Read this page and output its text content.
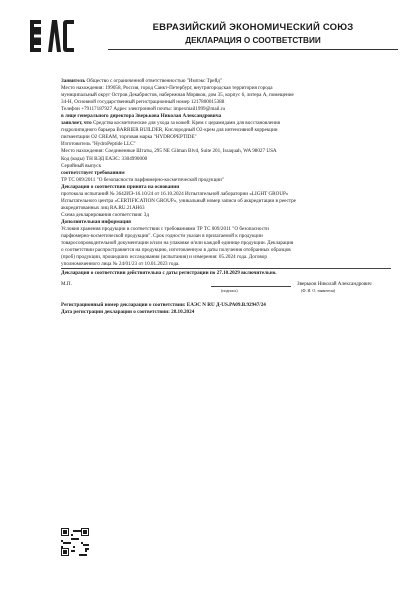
ЕВРАЗИЙСКИЙ ЭКОНОМИЧЕСКИЙ СОЮЗ
ДЕКЛАРАЦИЯ О СООТВЕТСТВИИ
Заявитель Общество с ограниченной ответственностью "Импэкс Трейд"
Место нахождения: 199058, Россия, город Санкт-Петербург, внутригородская территория города
муниципальный округ Остров Декабристов, набережная Моряков, дом 35, корпус 6, литера А, помещение
34-Н, Основной государственный регистрационный номер 1217800015388
Телефон +79117187927 Адрес электронной почты: impexmail1999@mail.ru
в лице генерального директора Зверькова Николая Александровича
заявляет, что Средства косметические для ухода за кожей: Крем с церамидами для восстановления
гидролипидного барьера BARRIER BUILDER, Кислородный О2-крем для интенсивной коррекции
пигментации O2 CREAM, торговая марка "HYDROPEPTIDE"
Изготовитель "HydroPeptide LLC"
Место нахождения: Соединенные Штаты, 295 NE Gilman Blvd, Suite 201, Issaquah, WA 98027 USA
Код (коды) ТН ВЭД ЕАЭС: 3304990000
Серийный выпуск
соответствует требованиям
ТР ТС 009/2011 "О безопасности парфюмерно-косметической продукции"
Декларация о соответствии принята на основании
протокола испытаний № 3642ИЭ-16.10/24 от 16.10.2024 Испытательной лаборатории «LIGHT GROUP»
Испытательного центра «CERTIFICATION GROUP», уникальный номер записи об аккредитации в реестре
аккредитованных лиц RA.RU.21АН63
Схема декларирования соответствия: 3д
Дополнительная информация
Условия хранения продукции в соответствии с требованиями ТР ТС 009/2011 "О безопасности
парфюмерно-косметической продукции". Срок годности указан в прилагаемой к продукции
товаросопроводительной документации и/или на упаковке и/или каждой единице продукции. Декларация
о соответствии распространяется на продукцию, изготовленную в даты получения отобранных образцов
(проб) продукции, прошедших исследования (испытания) и измерения: 05.2024 года. Договор
уполномоченного лица № 24/01/23 от 10.01.2023 года.
Декларация о соответствии действительна с даты регистрации по 27.10.2029 включительно.
М.П.	Зверьков Николай Александрович
(подпись)	(Ф. И. О. заявителя)
Регистрационный номер декларации о соответствии: ЕАЭС N RU Д-US.РА09.В.92947/24
Дата регистрации декларации о соответствии: 28.10.2024
